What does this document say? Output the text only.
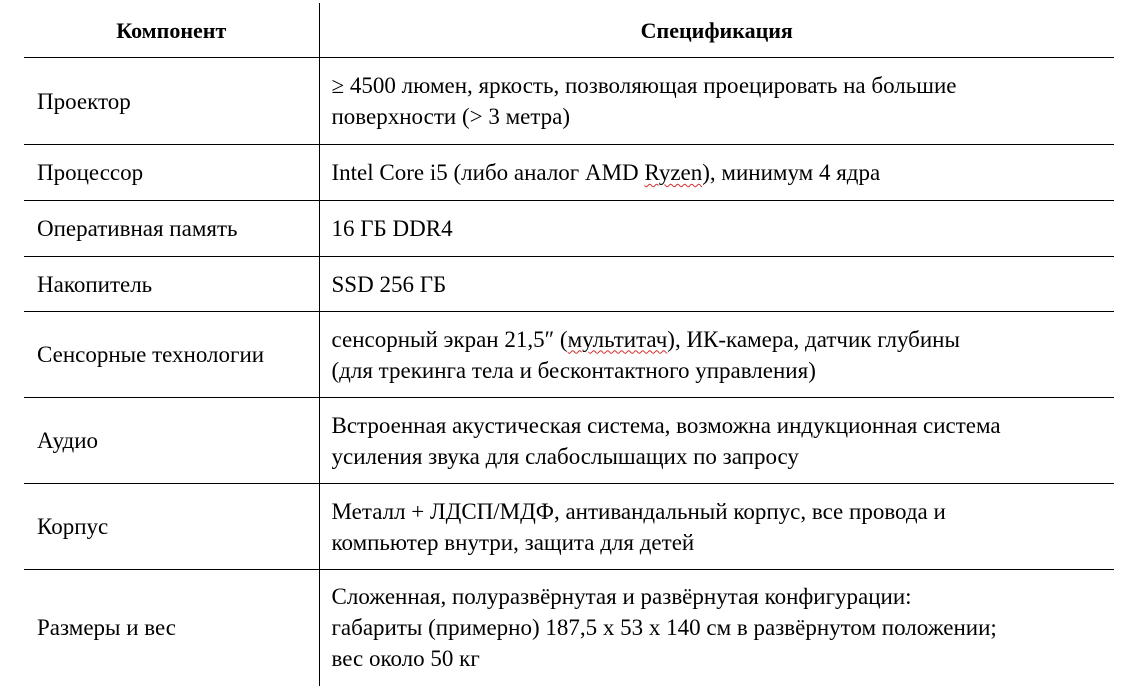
Компонент	Спецификация
Проектор	≥ 4500 люмен, яркость, позволяющая проецировать на большие
поверхности (> 3 метра)
Процессор	Intel Core i5 (либо аналог AMD Ryzen), минимум 4 ядра
Оперативная память	16 ГБ DDR4
Накопитель	SSD 256 ГБ
Сенсорные технологии	сенсорный экран 21,5″ (мультитач), ИК-камера, датчик глубины
(для трекинга тела и бесконтактного управления)
Аудио	Встроенная акустическая система, возможна индукционная система
усиления звука для слабослышащих по запросу
Корпус	Металл + ЛДСП/МДФ, антивандальный корпус, все провода и
компьютер внутри, защита для детей
Размеры и вес	Сложенная, полуразвёрнутая и развёрнутая конфигурации:
габариты (примерно) 187,5 x 53 x 140 см в развёрнутом положении;
вес около 50 кг
